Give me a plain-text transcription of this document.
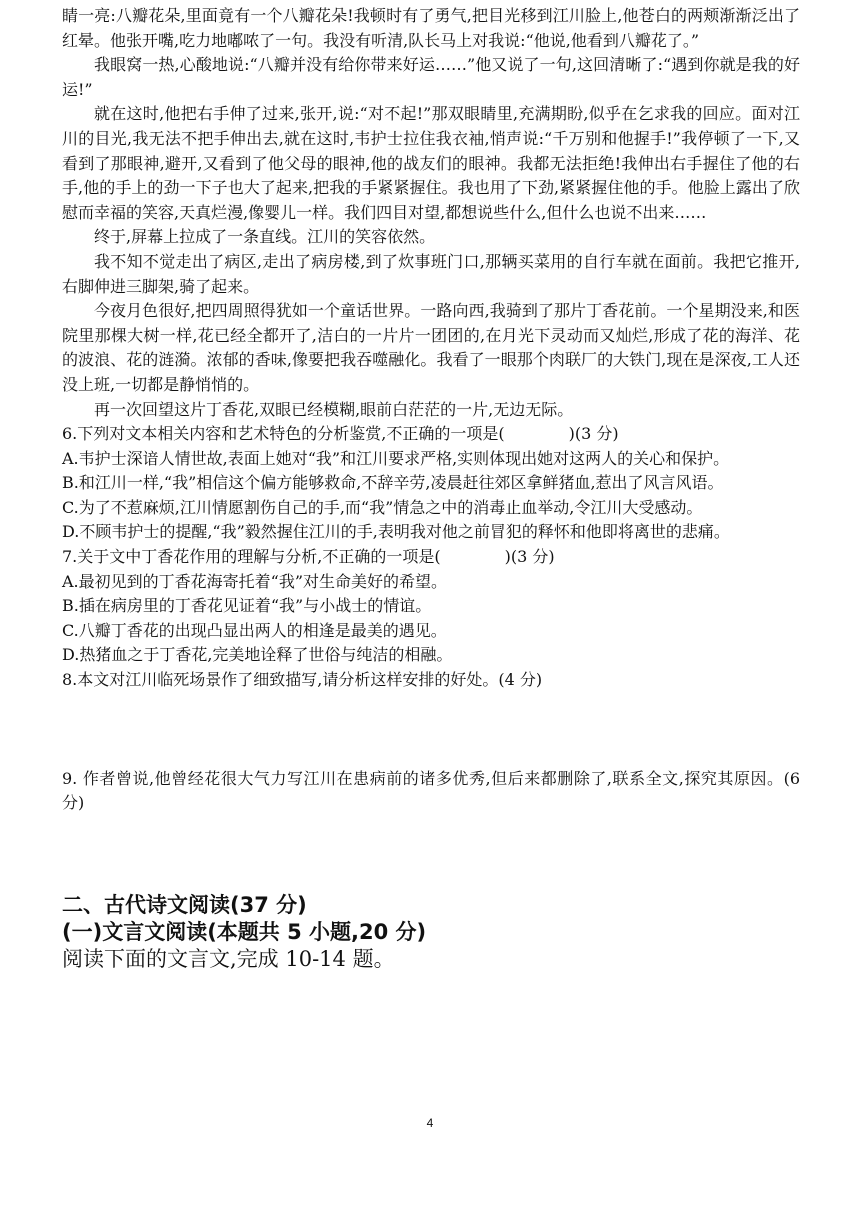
睛一亮:八瓣花朵,里面竟有一个八瓣花朵!我顿时有了勇气,把目光移到江川脸上,他苍白的两颊渐渐泛出了红晕。他张开嘴,吃力地嘟哝了一句。我没有听清,队长马上对我说:“他说,他看到八瓣花了。”

我眼窝一热,心酸地说:“八瓣并没有给你带来好运……”他又说了一句,这回清晰了:“遇到你就是我的好运!”

就在这时,他把右手伸了过来,张开,说:“对不起!”那双眼睛里,充满期盼,似乎在乞求我的回应。面对江川的目光,我无法不把手伸出去,就在这时,韦护士拉住我衣袖,悄声说:“千万别和他握手!”我停顿了一下,又看到了那眼神,避开,又看到了他父母的眼神,他的战友们的眼神。我都无法拒绝!我伸出右手握住了他的右手,他的手上的劲一下子也大了起来,把我的手紧紧握住。我也用了下劲,紧紧握住他的手。他脸上露出了欣慰而幸福的笑容,天真烂漫,像婴儿一样。我们四目对望,都想说些什么,但什么也说不出来……

终于,屏幕上拉成了一条直线。江川的笑容依然。

我不知不觉走出了病区,走出了病房楼,到了炊事班门口,那辆买菜用的自行车就在面前。我把它推开,右脚伸进三脚架,骑了起来。

今夜月色很好,把四周照得犹如一个童话世界。一路向西,我骑到了那片丁香花前。一个星期没来,和医院里那棵大树一样,花已经全都开了,洁白的一片片一团团的,在月光下灵动而又灿烂,形成了花的海洋、花的波浪、花的涟漪。浓郁的香味,像要把我吞噬融化。我看了一眼那个肉联厂的大铁门,现在是深夜,工人还没上班,一切都是静悄悄的。

再一次回望这片丁香花,双眼已经模糊,眼前白茫茫的一片,无边无际。

6.下列对文本相关内容和艺术特色的分析鉴赏,不正确的一项是(　　　　)(3 分)

A.韦护士深谙人情世故,表面上她对“我”和江川要求严格,实则体现出她对这两人的关心和保护。

B.和江川一样,“我”相信这个偏方能够救命,不辞辛劳,凌晨赶往郊区拿鲜猪血,惹出了风言风语。

C.为了不惹麻烦,江川情愿割伤自己的手,而“我”情急之中的消毒止血举动,令江川大受感动。

D.不顾韦护士的提醒,“我”毅然握住江川的手,表明我对他之前冒犯的释怀和他即将离世的悲痛。

7.关于文中丁香花作用的理解与分析,不正确的一项是(　　　　)(3 分)

A.最初见到的丁香花海寄托着“我”对生命美好的希望。

B.插在病房里的丁香花见证着“我”与小战士的情谊。

C.八瓣丁香花的出现凸显出两人的相逢是最美的遇见。

D.热猪血之于丁香花,完美地诠释了世俗与纯洁的相融。

8.本文对江川临死场景作了细致描写,请分析这样安排的好处。(4 分)

9. 作者曾说,他曾经花很大气力写江川在患病前的诸多优秀,但后来都删除了,联系全文,探究其原因。(6 分)

二、古代诗文阅读(37 分)

(一)文言文阅读(本题共 5 小题,20 分)

阅读下面的文言文,完成 10-14 题。

4
